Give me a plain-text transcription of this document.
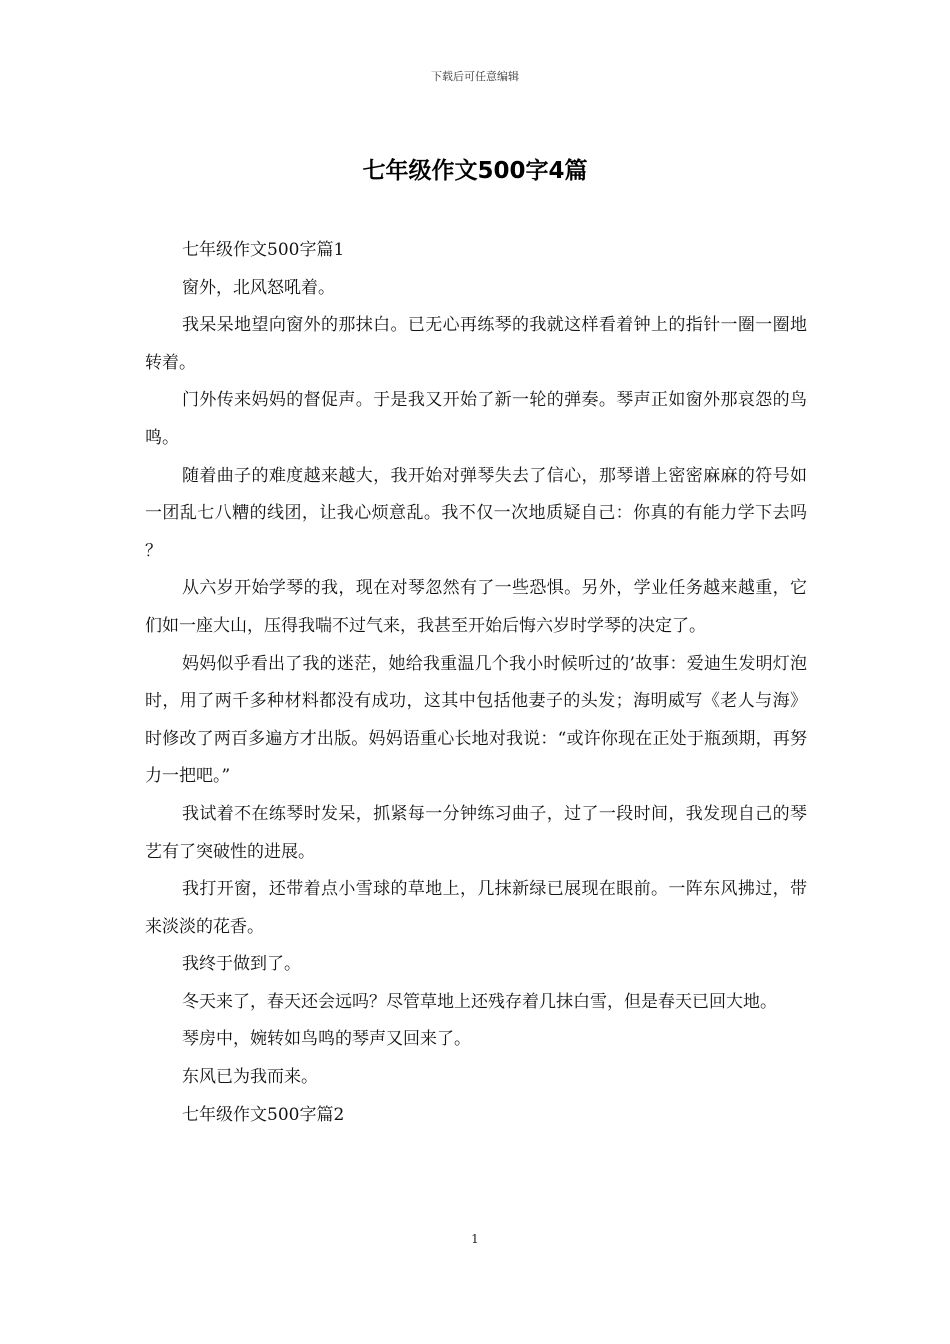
下载后可任意编辑
七年级作文500字4篇

七年级作文500字篇1

窗外，北风怒吼着。

我呆呆地望向窗外的那抹白。已无心再练琴的我就这样看着钟上的指针一圈一圈地转着。

门外传来妈妈的督促声。于是我又开始了新一轮的弹奏。琴声正如窗外那哀怨的鸟鸣。

随着曲子的难度越来越大，我开始对弹琴失去了信心，那琴谱上密密麻麻的符号如一团乱七八糟的线团，让我心烦意乱。我不仅一次地质疑自己：你真的有能力学下去吗？

从六岁开始学琴的我，现在对琴忽然有了一些恐惧。另外，学业任务越来越重，它们如一座大山，压得我喘不过气来，我甚至开始后悔六岁时学琴的决定了。

妈妈似乎看出了我的迷茫，她给我重温几个我小时候听过的’故事：爱迪生发明灯泡时，用了两千多种材料都没有成功，这其中包括他妻子的头发；海明威写《老人与海》时修改了两百多遍方才出版。妈妈语重心长地对我说：“或许你现在正处于瓶颈期，再努力一把吧。”

我试着不在练琴时发呆，抓紧每一分钟练习曲子，过了一段时间，我发现自己的琴艺有了突破性的进展。

我打开窗，还带着点小雪球的草地上，几抹新绿已展现在眼前。一阵东风拂过，带来淡淡的花香。

我终于做到了。

冬天来了，春天还会远吗？尽管草地上还残存着几抹白雪，但是春天已回大地。

琴房中，婉转如鸟鸣的琴声又回来了。

东风已为我而来。

七年级作文500字篇2

1
